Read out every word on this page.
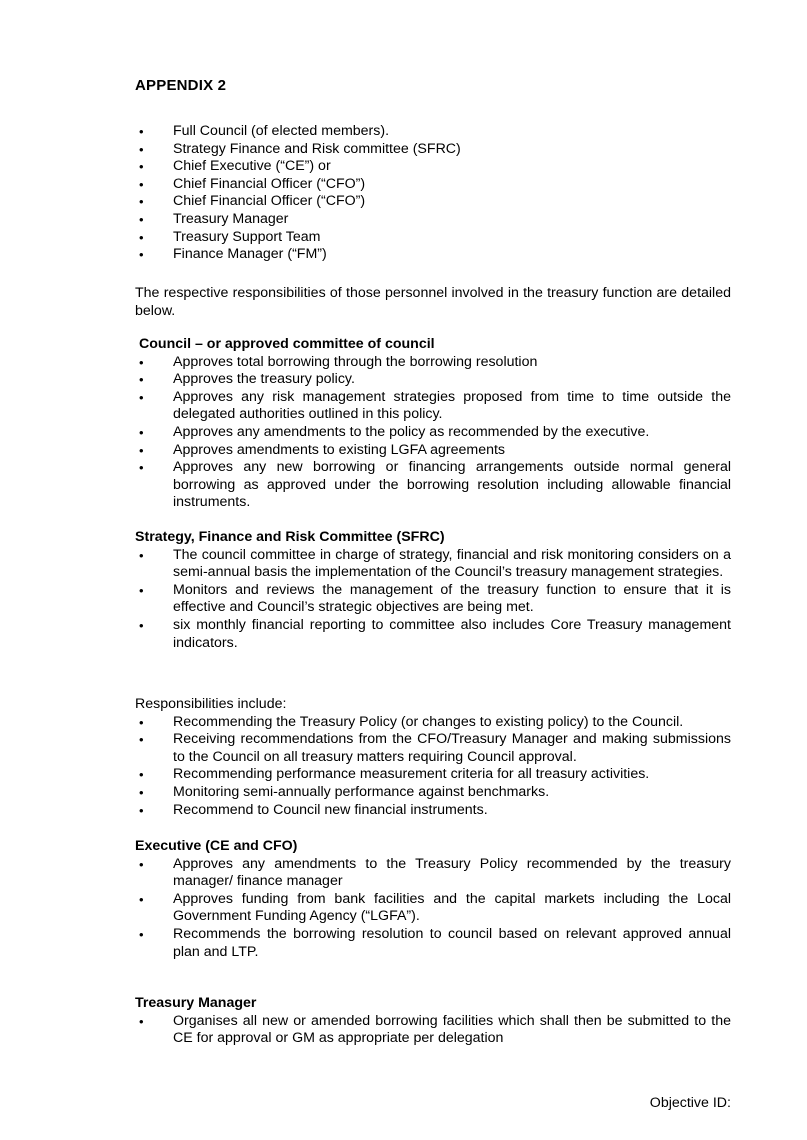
APPENDIX 2
• Full Council (of elected members).
• Strategy Finance and Risk committee (SFRC)
• Chief Executive (“CE”) or
• Chief Financial Officer (“CFO”)
• Chief Financial Officer (“CFO”)
• Treasury Manager
• Treasury Support Team
• Finance Manager (“FM”)

The respective responsibilities of those personnel involved in the treasury function are detailed below.

Council – or approved committee of council

• Approves total borrowing through the borrowing resolution
• Approves the treasury policy.
• Approves any risk management strategies proposed from time to time outside the delegated authorities outlined in this policy.
• Approves any amendments to the policy as recommended by the executive.
• Approves amendments to existing LGFA agreements
• Approves any new borrowing or financing arrangements outside normal general borrowing as approved under the borrowing resolution including allowable financial instruments.

Strategy, Finance and Risk Committee (SFRC)

• The council committee in charge of strategy, financial and risk monitoring considers on a semi-annual basis the implementation of the Council’s treasury management strategies.
• Monitors and reviews the management of the treasury function to ensure that it is effective and Council’s strategic objectives are being met.
• six monthly financial reporting to committee also includes Core Treasury management indicators.

Responsibilities include:

• Recommending the Treasury Policy (or changes to existing policy) to the Council.
• Receiving recommendations from the CFO/Treasury Manager and making submissions to the Council on all treasury matters requiring Council approval.
• Recommending performance measurement criteria for all treasury activities.
• Monitoring semi-annually performance against benchmarks.
• Recommend to Council new financial instruments.

Executive (CE and CFO)

• Approves any amendments to the Treasury Policy recommended by the treasury manager/ finance manager
• Approves funding from bank facilities and the capital markets including the Local Government Funding Agency (“LGFA”).
• Recommends the borrowing resolution to council based on relevant approved annual plan and LTP.

Treasury Manager

• Organises all new or amended borrowing facilities which shall then be submitted to the CE for approval or GM as appropriate per delegation
Objective ID:
